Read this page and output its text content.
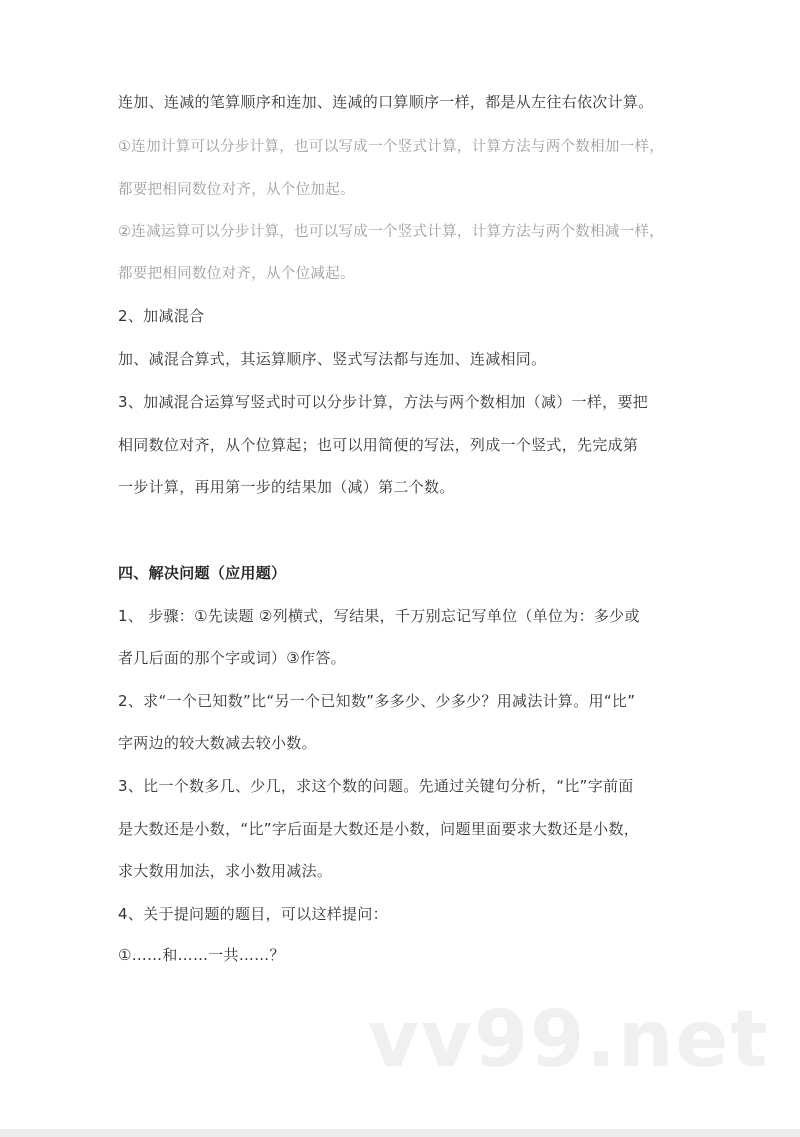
连加、连减的笔算顺序和连加、连减的口算顺序一样，都是从左往右依次计算。
①连加计算可以分步计算，也可以写成一个竖式计算，计算方法与两个数相加一样，
都要把相同数位对齐，从个位加起。
②连减运算可以分步计算，也可以写成一个竖式计算，计算方法与两个数相减一样，
都要把相同数位对齐，从个位减起。
2、加减混合
加、减混合算式，其运算顺序、竖式写法都与连加、连减相同。
3、加减混合运算写竖式时可以分步计算，方法与两个数相加（减）一样，要把
相同数位对齐，从个位算起；也可以用简便的写法，列成一个竖式，先完成第
一步计算，再用第一步的结果加（减）第二个数。
四、解决问题（应用题）
1、 步骤：①先读题 ②列横式，写结果，千万别忘记写单位（单位为：多少或
者几后面的那个字或词）③作答。
2、求“一个已知数”比“另一个已知数”多多少、少多少？用减法计算。用“比”
字两边的较大数减去较小数。
3、比一个数多几、少几，求这个数的问题。先通过关键句分析，“比”字前面
是大数还是小数，“比”字后面是大数还是小数，问题里面要求大数还是小数，
求大数用加法，求小数用减法。
4、关于提问题的题目，可以这样提问：
①……和……一共……？
vv99.net
